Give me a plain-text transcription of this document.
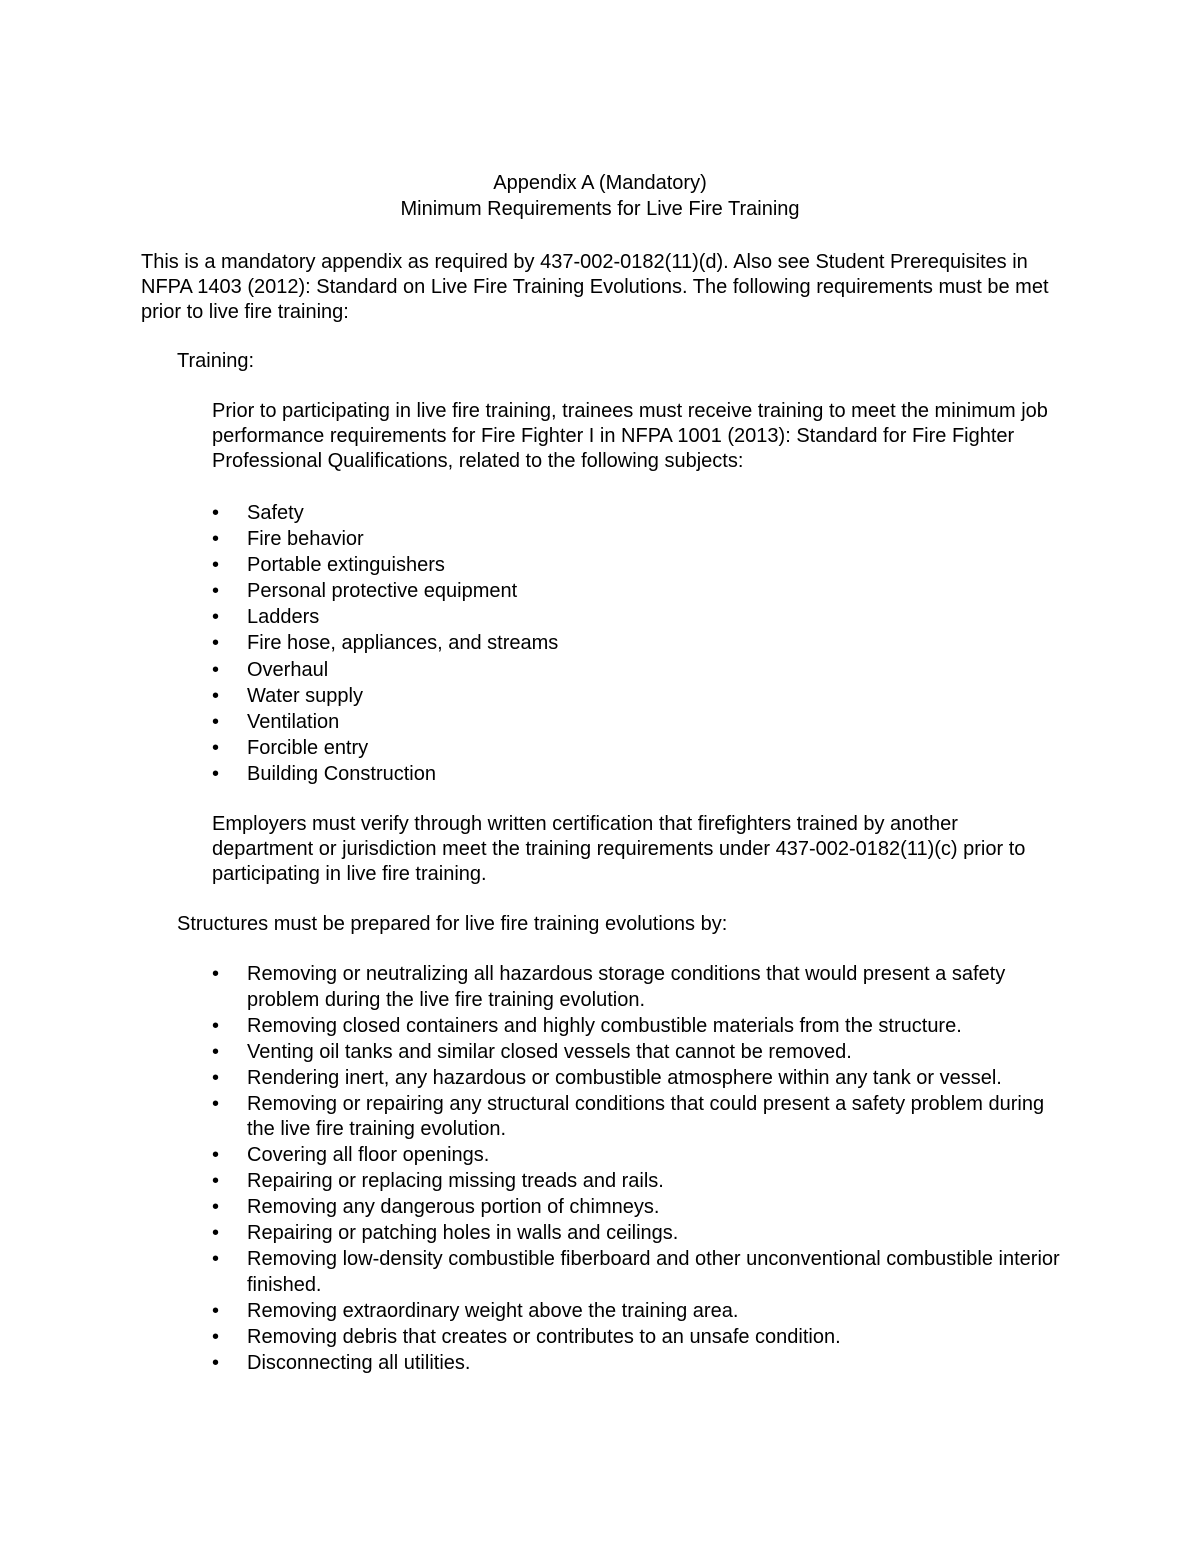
Appendix A (Mandatory)
Minimum Requirements for Live Fire Training

This is a mandatory appendix as required by 437-002-0182(11)(d). Also see Student Prerequisites in NFPA 1403 (2012): Standard on Live Fire Training Evolutions. The following requirements must be met prior to live fire training:

Training:

Prior to participating in live fire training, trainees must receive training to meet the minimum job performance requirements for Fire Fighter I in NFPA 1001 (2013): Standard for Fire Fighter Professional Qualifications, related to the following subjects:

•	Safety
•	Fire behavior
•	Portable extinguishers
•	Personal protective equipment
•	Ladders
•	Fire hose, appliances, and streams
•	Overhaul
•	Water supply
•	Ventilation
•	Forcible entry
•	Building Construction

Employers must verify through written certification that firefighters trained by another department or jurisdiction meet the training requirements under 437-002-0182(11)(c) prior to participating in live fire training.

Structures must be prepared for live fire training evolutions by:

•	Removing or neutralizing all hazardous storage conditions that would present a safety problem during the live fire training evolution.
•	Removing closed containers and highly combustible materials from the structure.
•	Venting oil tanks and similar closed vessels that cannot be removed.
•	Rendering inert, any hazardous or combustible atmosphere within any tank or vessel.
•	Removing or repairing any structural conditions that could present a safety problem during the live fire training evolution.
•	Covering all floor openings.
•	Repairing or replacing missing treads and rails.
•	Removing any dangerous portion of chimneys.
•	Repairing or patching holes in walls and ceilings.
•	Removing low-density combustible fiberboard and other unconventional combustible interior finished.
•	Removing extraordinary weight above the training area.
•	Removing debris that creates or contributes to an unsafe condition.
•	Disconnecting all utilities.
